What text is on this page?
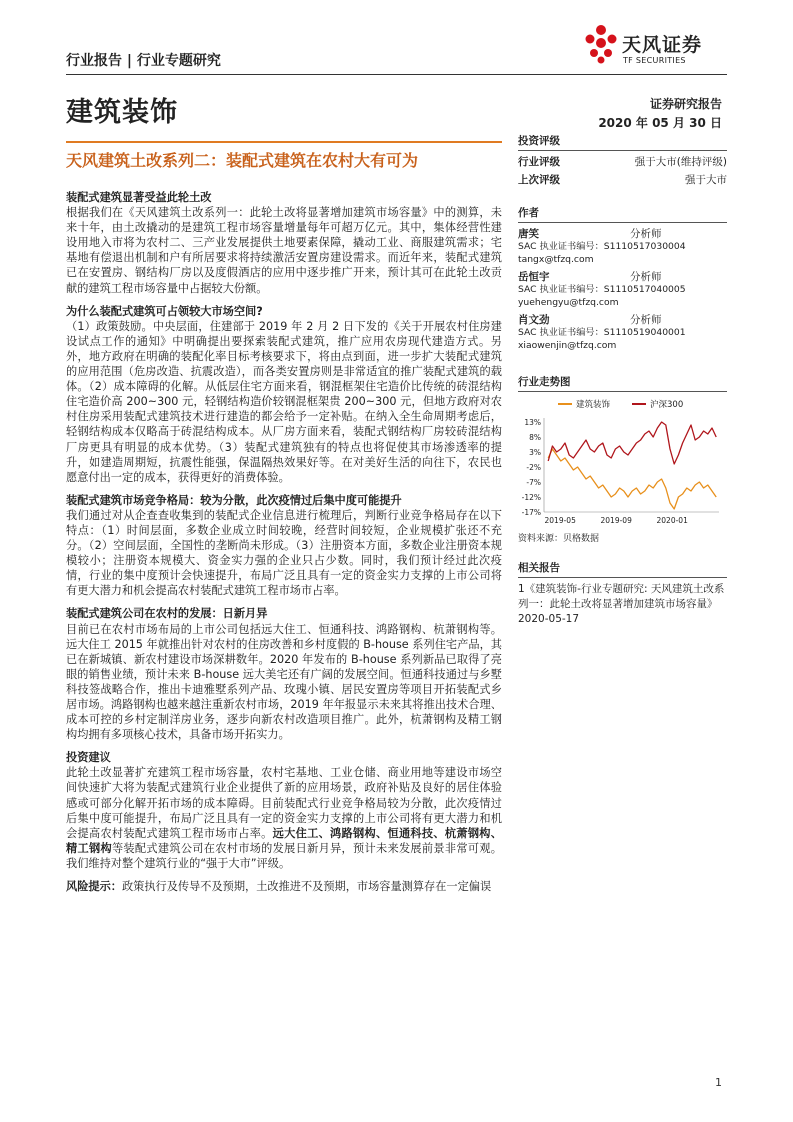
行业报告 | 行业专题研究
天风证券
TF SECURITIES
建筑装饰	证券研究报告
2020 年 05 月 30 日
天风建筑土改系列二：装配式建筑在农村大有可为
装配式建筑显著受益此轮土改

根据我们在《天风建筑土改系列一：此轮土改将显著增加建筑市场容量》中的测算，未来十年，由土改撬动的是建筑工程市场容量增量每年可超万亿元。其中，集体经营性建设用地入市将为农村二、三产业发展提供土地要素保障，撬动工业、商服建筑需求；宅基地有偿退出机制和户有所居要求将持续激活安置房建设需求。而近年来，装配式建筑已在安置房、钢结构厂房以及度假酒店的应用中逐步推广开来，预计其可在此轮土改贡献的建筑工程市场容量中占据较大份额。

为什么装配式建筑可占领较大市场空间?

（1）政策鼓励。中央层面，住建部于 2019 年 2 月 2 日下发的《关于开展农村住房建设试点工作的通知》中明确提出要探索装配式建筑，推广应用农房现代建造方式。另外，地方政府在明确的装配化率目标考核要求下，将由点到面，进一步扩大装配式建筑的应用范围（危房改造、抗震改造），而各类安置房则是非常适宜的推广装配式建筑的载体。（2）成本障碍的化解。从低层住宅方面来看，钢混框架住宅造价比传统的砖混结构住宅造价高 200~300 元，轻钢结构造价较钢混框架贵 200~300 元，但地方政府对农村住房采用装配式建筑技术进行建造的都会给予一定补贴。在纳入全生命周期考虑后，轻钢结构成本仅略高于砖混结构成本。从厂房方面来看，装配式钢结构厂房较砖混结构厂房更具有明显的成本优势。（3）装配式建筑独有的特点也将促使其市场渗透率的提升，如建造周期短，抗震性能强，保温隔热效果好等。在对美好生活的向往下，农民也愿意付出一定的成本，获得更好的消费体验。

装配式建筑市场竞争格局：较为分散，此次疫情过后集中度可能提升

我们通过对从企查查收集到的装配式企业信息进行梳理后，判断行业竞争格局存在以下特点：（1）时间层面，多数企业成立时间较晚，经营时间较短，企业规模扩张还不充分。（2）空间层面，全国性的垄断尚未形成。（3）注册资本方面，多数企业注册资本规模较小；注册资本规模大、资金实力强的企业只占少数。同时，我们预计经过此次疫情，行业的集中度预计会快速提升，布局广泛且具有一定的资金实力支撑的上市公司将有更大潜力和机会提高农村装配式建筑工程市场市占率。

装配式建筑公司在农村的发展：日新月异

目前已在农村市场布局的上市公司包括远大住工、恒通科技、鸿路钢构、杭萧钢构等。远大住工 2015 年就推出针对农村的住房改善和乡村度假的 B-house 系列住宅产品，其已在新城镇、新农村建设市场深耕数年。2020 年发布的 B-house 系列新品已取得了亮眼的销售业绩，预计未来 B-house 远大美宅还有广阔的发展空间。恒通科技通过与乡墅科技签战略合作，推出卡迪雅墅系列产品、玫瑰小镇、居民安置房等项目开拓装配式乡居市场。鸿路钢构也越来越注重新农村市场，2019 年年报显示未来其将推出技术合理、成本可控的乡村定制洋房业务，逐步向新农村改造项目推广。此外，杭萧钢构及精工钢构均拥有多项核心技术，具备市场开拓实力。

投资建议

此轮土改显著扩充建筑工程市场容量，农村宅基地、工业仓储、商业用地等建设市场空间快速扩大将为装配式建筑行业企业提供了新的应用场景，政府补贴及良好的居住体验感或可部分化解开拓市场的成本障碍。目前装配式行业竞争格局较为分散，此次疫情过后集中度可能提升，布局广泛且具有一定的资金实力支撑的上市公司将有更大潜力和机会提高农村装配式建筑工程市场市占率。远大住工、鸿路钢构、恒通科技、杭萧钢构、精工钢构等装配式建筑公司在农村市场的发展日新月异，预计未来发展前景非常可观。我们维持对整个建筑行业的“强于大市”评级。

风险提示：政策执行及传导不及预期，土改推进不及预期，市场容量测算存在一定偏误

投资评级
行业评级	强于大市(维持评级)
上次评级	强于大市
作者
唐笑	分析师
SAC 执业证书编号：S1110517030004
tangx@tfzq.com
岳恒宇	分析师
SAC 执业证书编号：S1110517040005
yuehengyu@tfzq.com
肖文劲	分析师
SAC 执业证书编号：S1110519040001
xiaowenjin@tfzq.com
行业走势图
建筑装饰	沪深300
13%
8%
3%
-2%
-7%
-12%
-17%
2019-05	2019-09	2020-01
资料来源：贝格数据
相关报告
1《建筑装饰-行业专题研究: 天风建筑土改系列一：此轮土改将显著增加建筑市场容量》2020-05-17
1
